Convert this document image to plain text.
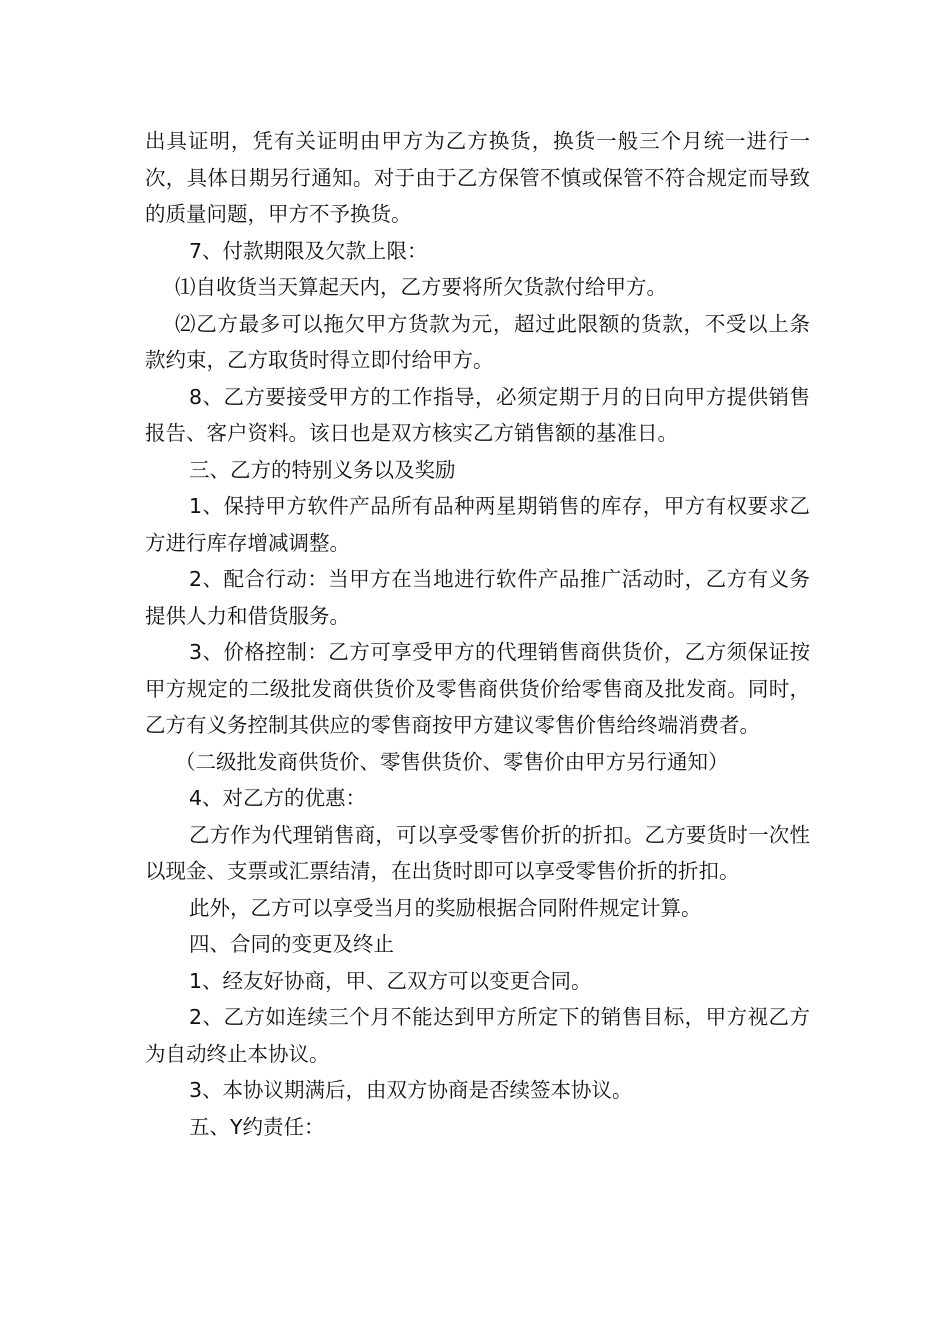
出具证明，凭有关证明由甲方为乙方换货，换货一般三个月统一进行一次，具体日期另行通知。对于由于乙方保管不慎或保管不符合规定而导致的质量问题，甲方不予换货。

7、付款期限及欠款上限：

⑴自收货当天算起天内，乙方要将所欠货款付给甲方。

⑵乙方最多可以拖欠甲方货款为元，超过此限额的货款，不受以上条款约束，乙方取货时得立即付给甲方。

8、乙方要接受甲方的工作指导，必须定期于月的日向甲方提供销售报告、客户资料。该日也是双方核实乙方销售额的基准日。

三、乙方的特别义务以及奖励

1、保持甲方软件产品所有品种两星期销售的库存，甲方有权要求乙方进行库存增减调整。

2、配合行动：当甲方在当地进行软件产品推广活动时，乙方有义务提供人力和借货服务。

3、价格控制：乙方可享受甲方的代理销售商供货价，乙方须保证按甲方规定的二级批发商供货价及零售商供货价给零售商及批发商。同时，乙方有义务控制其供应的零售商按甲方建议零售价售给终端消费者。

（二级批发商供货价、零售供货价、零售价由甲方另行通知）

4、对乙方的优惠：

乙方作为代理销售商，可以享受零售价折的折扣。乙方要货时一次性以现金、支票或汇票结清，在出货时即可以享受零售价折的折扣。

此外，乙方可以享受当月的奖励根据合同附件规定计算。

四、合同的变更及终止

1、经友好协商，甲、乙双方可以变更合同。

2、乙方如连续三个月不能达到甲方所定下的销售目标，甲方视乙方为自动终止本协议。

3、本协议期满后，由双方协商是否续签本协议。

五、Y约责任：
